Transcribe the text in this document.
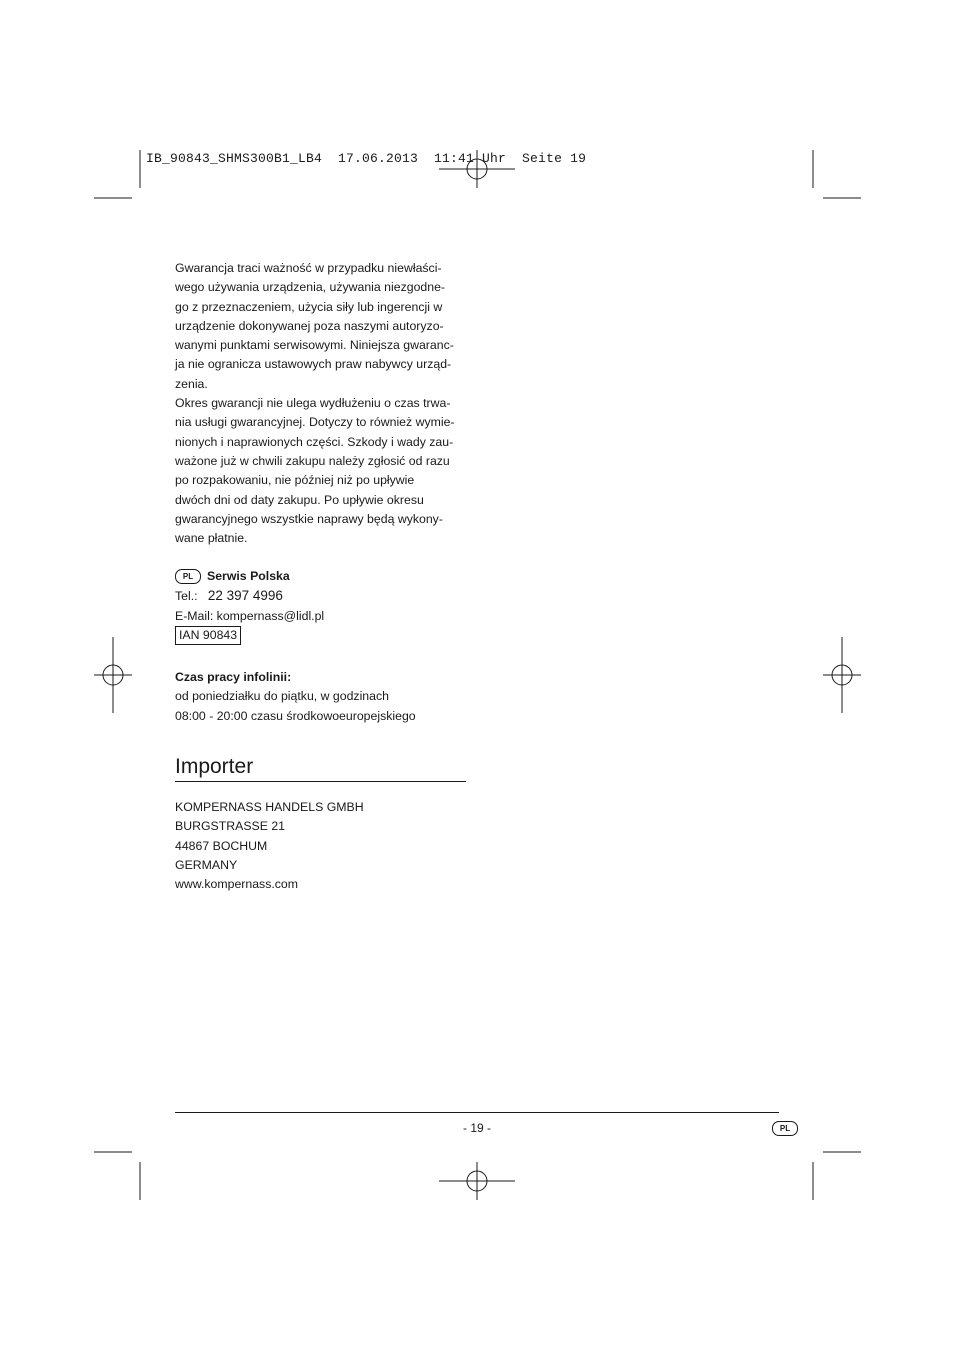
IB_90843_SHMS300B1_LB4  17.06.2013  11:41 Uhr  Seite 19

Gwarancja traci ważność w przypadku niewłaści-

wego używania urządzenia, używania niezgodne-

go z przeznaczeniem, użycia siły lub ingerencji w

urządzenie dokonywanej poza naszymi autoryzo-

wanymi punktami serwisowymi. Niniejsza gwaranc-

ja nie ogranicza ustawowych praw nabywcy urząd-

zenia.

Okres gwarancji nie ulega wydłużeniu o czas trwa-

nia usługi gwarancyjnej. Dotyczy to również wymie-

nionych i naprawionych części. Szkody i wady zau-

ważone już w chwili zakupu należy zgłosić od razu

po rozpakowaniu, nie później niż po upływie

dwóch dni od daty zakupu. Po upływie okresu

gwarancyjnego wszystkie naprawy będą wykony-

wane płatnie.

PL Serwis Polska

Tel.: 22 397 4996

E-Mail: kompernass@lidl.pl

IAN 90843

Czas pracy infolinii:

od poniedziałku do piątku, w godzinach

08:00 - 20:00 czasu środkowoeuropejskiego

Importer

KOMPERNASS HANDELS GMBH

BURGSTRASSE 21

44867 BOCHUM

GERMANY

www.kompernass.com

- 19 -	PL
